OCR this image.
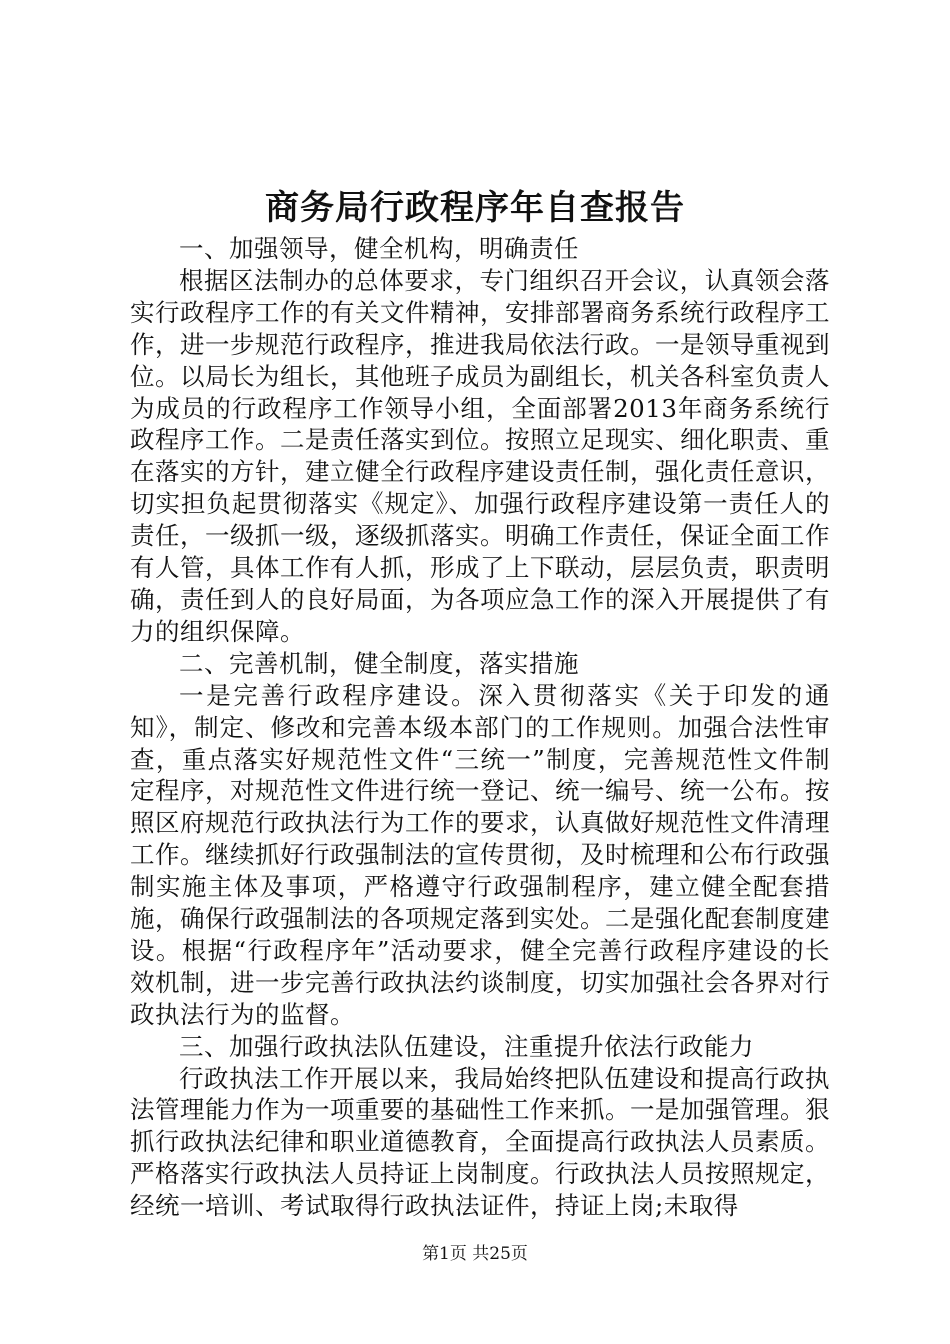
商务局行政程序年自查报告

一、加强领导，健全机构，明确责任

根据区法制办的总体要求，专门组织召开会议，认真领会落实行政程序工作的有关文件精神，安排部署商务系统行政程序工作，进一步规范行政程序，推进我局依法行政。一是领导重视到位。以局长为组长，其他班子成员为副组长，机关各科室负责人为成员的行政程序工作领导小组，全面部署2013年商务系统行政程序工作。二是责任落实到位。按照立足现实、细化职责、重在落实的方针，建立健全行政程序建设责任制，强化责任意识，切实担负起贯彻落实《规定》、加强行政程序建设第一责任人的责任，一级抓一级，逐级抓落实。明确工作责任，保证全面工作有人管，具体工作有人抓，形成了上下联动，层层负责，职责明确，责任到人的良好局面，为各项应急工作的深入开展提供了有力的组织保障。

二、完善机制，健全制度，落实措施

一是完善行政程序建设。深入贯彻落实《关于印发的通知》，制定、修改和完善本级本部门的工作规则。加强合法性审查，重点落实好规范性文件“三统一”制度，完善规范性文件制定程序，对规范性文件进行统一登记、统一编号、统一公布。按照区府规范行政执法行为工作的要求，认真做好规范性文件清理工作。继续抓好行政强制法的宣传贯彻，及时梳理和公布行政强制实施主体及事项，严格遵守行政强制程序，建立健全配套措施，确保行政强制法的各项规定落到实处。二是强化配套制度建设。根据“行政程序年”活动要求，健全完善行政程序建设的长效机制，进一步完善行政执法约谈制度，切实加强社会各界对行政执法行为的监督。

三、加强行政执法队伍建设，注重提升依法行政能力

行政执法工作开展以来，我局始终把队伍建设和提高行政执法管理能力作为一项重要的基础性工作来抓。一是加强管理。狠抓行政执法纪律和职业道德教育，全面提高行政执法人员素质。严格落实行政执法人员持证上岗制度。行政执法人员按照规定，经统一培训、考试取得行政执法证件，持证上岗;未取得

第1页 共25页
